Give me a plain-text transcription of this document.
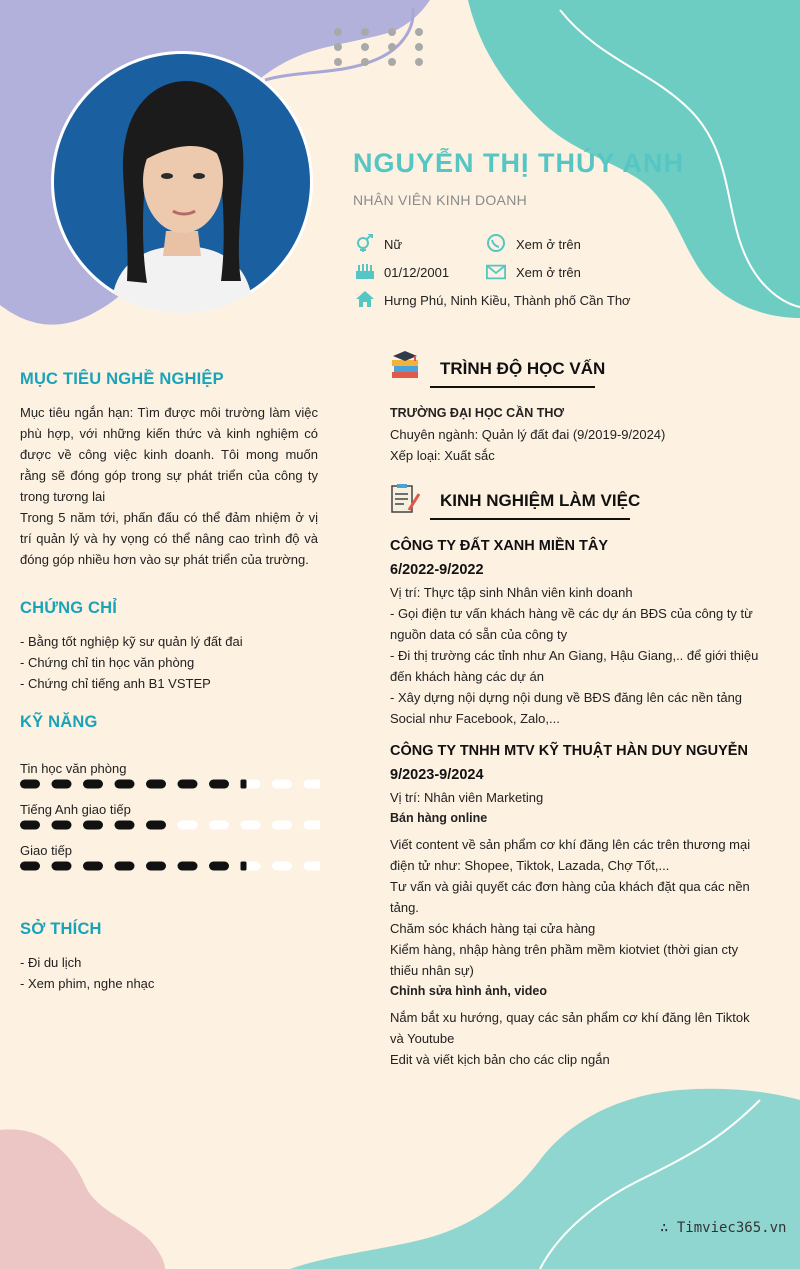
NGUYỄN THỊ THÚY ANH
NHÂN VIÊN KINH DOANH
Nữ	Xem ở trên
01/12/2001	Xem ở trên
Hưng Phú, Ninh Kiều, Thành phố Cần Thơ
MỤC TIÊU NGHỀ NGHIỆP

Mục tiêu ngắn hạn: Tìm được môi trường làm việc phù hợp, với những kiến thức và kinh nghiệm có được về công việc kinh doanh. Tôi mong muốn rằng sẽ đóng góp trong sự phát triển của công ty trong tương lai

Trong 5 năm tới, phấn đấu có thể đảm nhiệm ở vị trí quản lý và hy vọng có thể nâng cao trình độ và đóng góp nhiều hơn vào sự phát triển của trường.

CHỨNG CHỈ
- Bằng tốt nghiệp kỹ sư quản lý đất đai
- Chứng chỉ tin học văn phòng
- Chứng chỉ tiếng anh B1 VSTEP
KỸ NĂNG
Tin học văn phòng
Tiếng Anh giao tiếp
Giao tiếp
SỞ THÍCH
- Đi du lịch
- Xem phim, nghe nhạc
TRÌNH ĐỘ HỌC VẤN
TRƯỜNG ĐẠI HỌC CẦN THƠ
Chuyên ngành: Quản lý đất đai (9/2019-9/2024)
Xếp loại: Xuất sắc
KINH NGHIỆM LÀM VIỆC
CÔNG TY ĐẤT XANH MIỀN TÂY
6/2022-9/2022
Vị trí: Thực tập sinh Nhân viên kinh doanh
- Gọi điện tư vấn khách hàng về các dự án BĐS của công ty từ nguồn data có sẵn của công ty
- Đi thị trường các tỉnh như An Giang, Hậu Giang,.. để giới thiệu đến khách hàng các dự án
- Xây dựng nội dựng nội dung về BĐS đăng lên các nền tảng Social như Facebook, Zalo,...
CÔNG TY TNHH MTV KỸ THUẬT HÀN DUY NGUYỄN
9/2023-9/2024
Vị trí: Nhân viên Marketing
Bán hàng online
Viết content về sản phẩm cơ khí đăng lên các trên thương mại điện tử như: Shopee, Tiktok, Lazada, Chợ Tốt,...
Tư vấn và giải quyết các đơn hàng của khách đặt qua các nền tảng.
Chăm sóc khách hàng tại cửa hàng
Kiểm hàng, nhập hàng trên phầm mềm kiotviet (thời gian cty thiếu nhân sự)
Chỉnh sửa hình ảnh, video
Nắm bắt xu hướng, quay các sản phẩm cơ khí đăng lên Tiktok và Youtube
Edit và viết kịch bản cho các clip ngắn
∴ Timviec365.vn
